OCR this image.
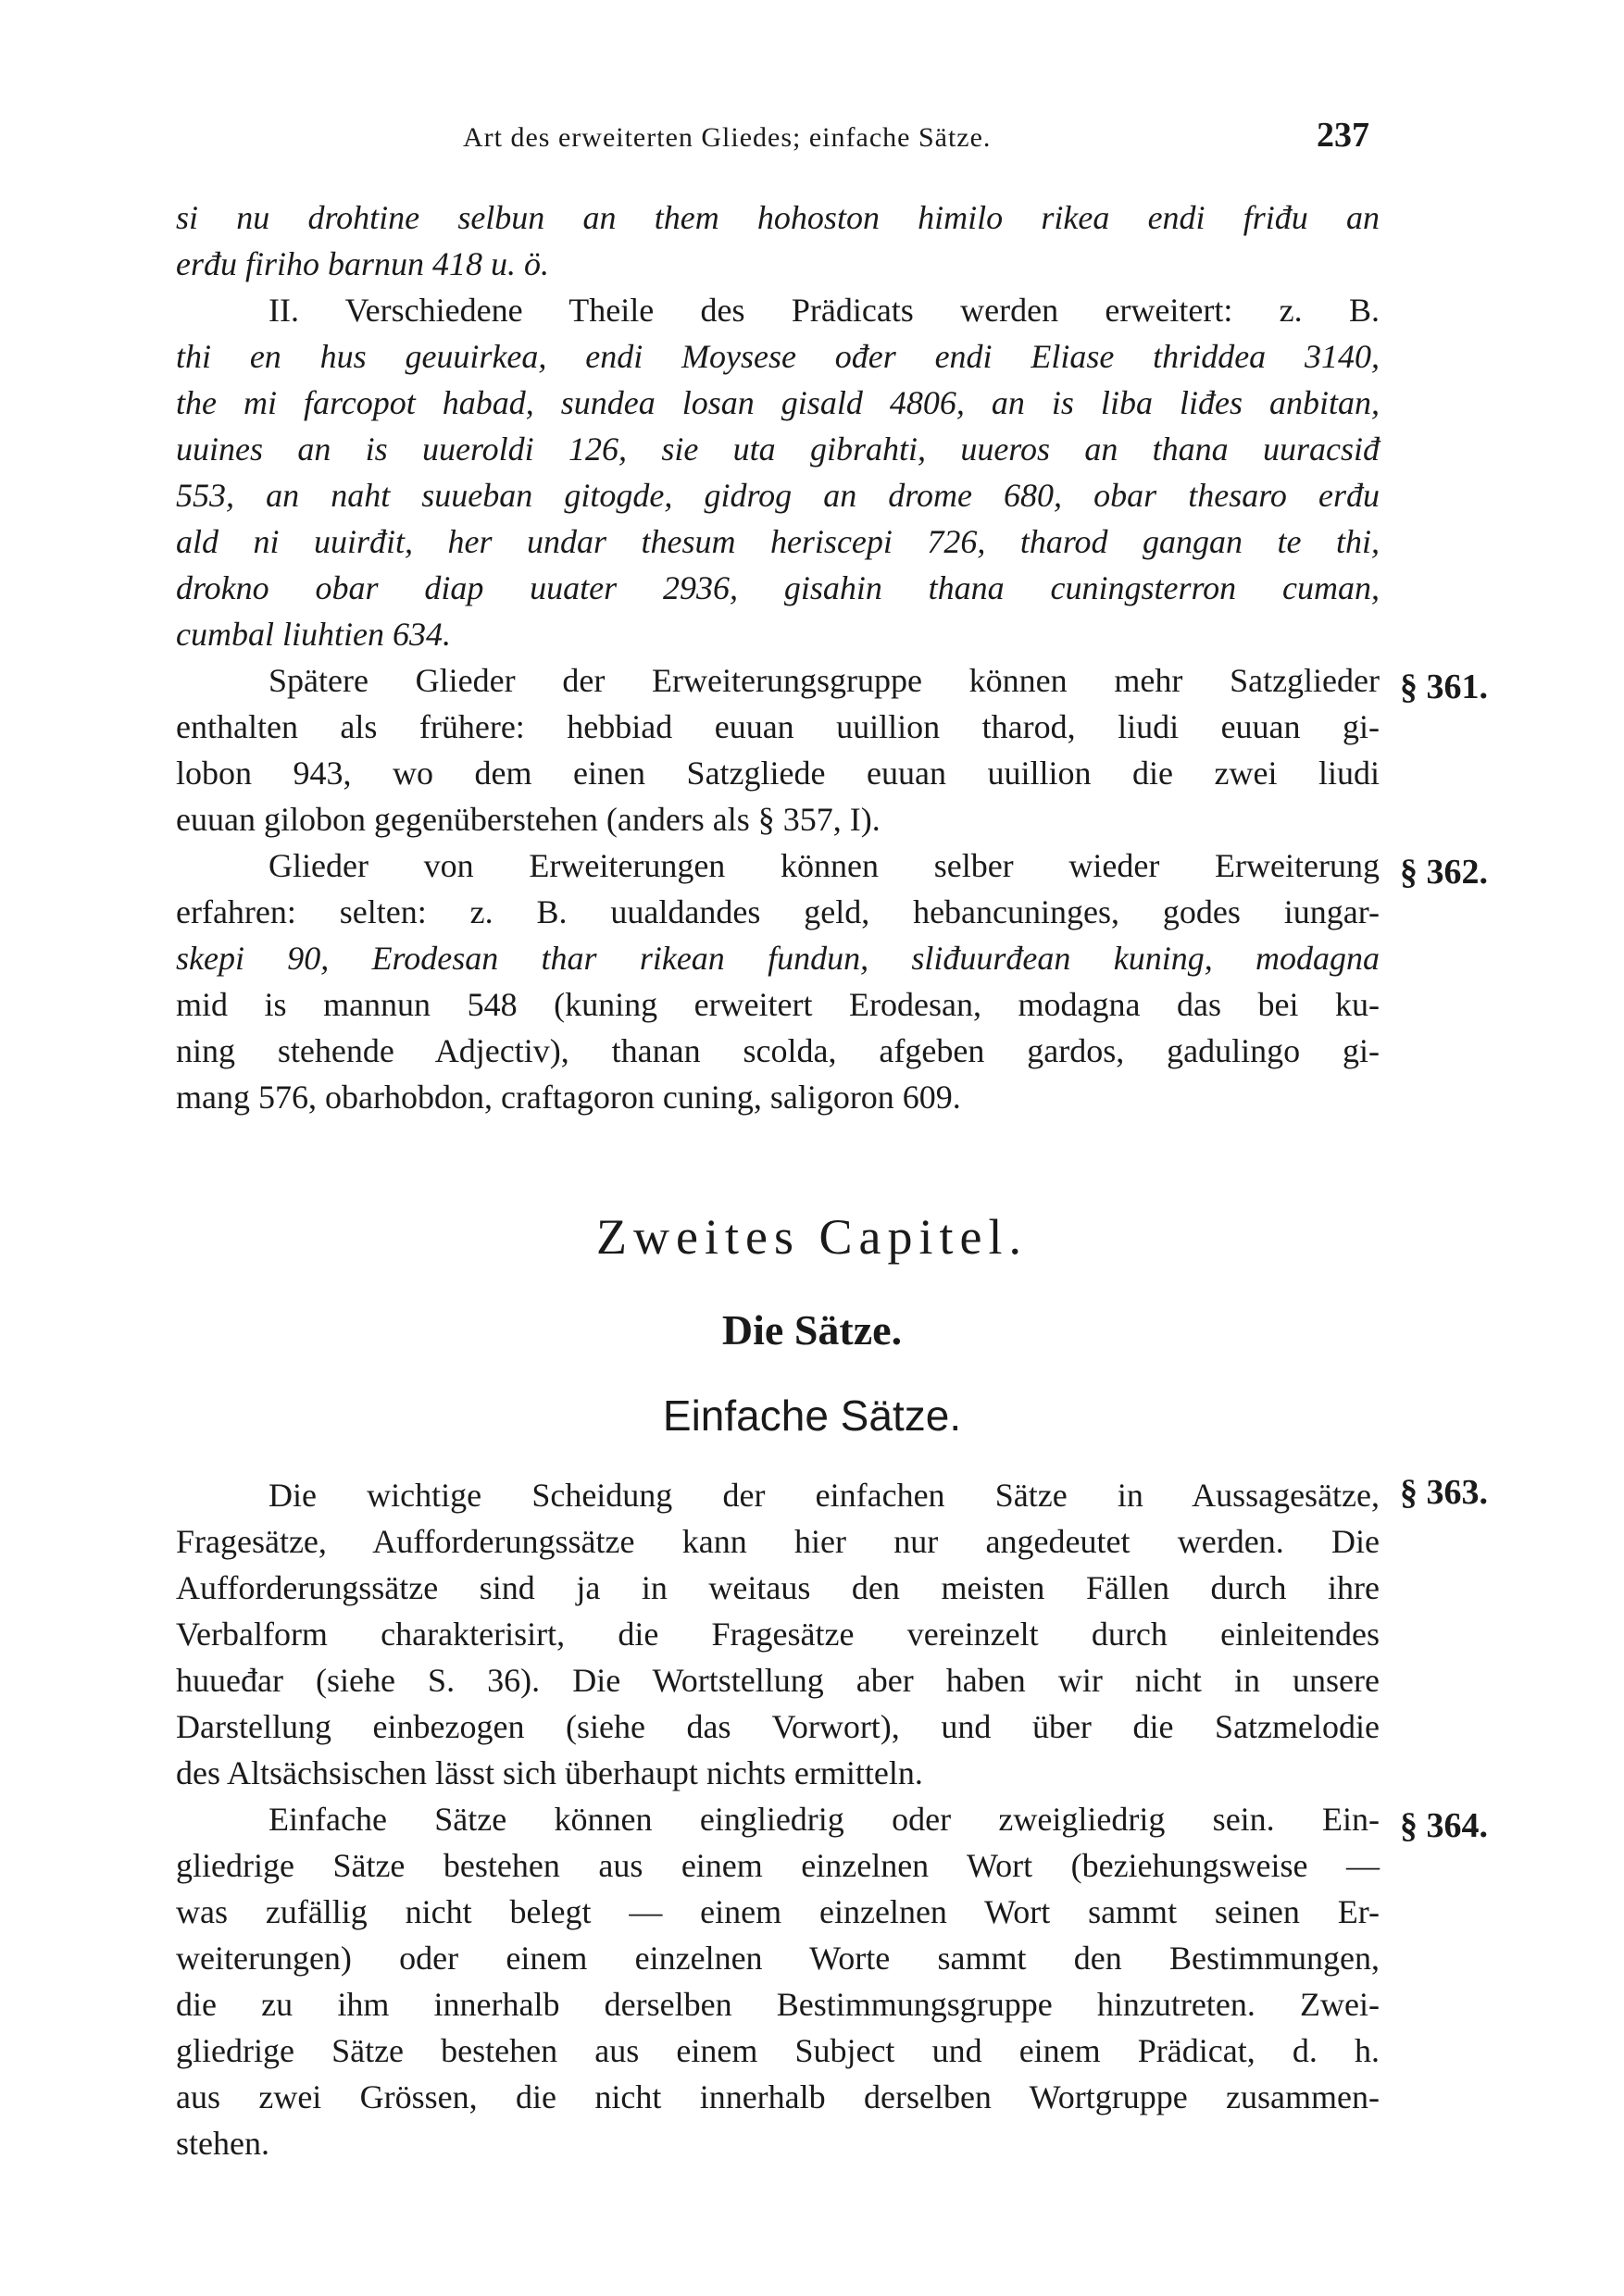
Art des erweiterten Gliedes; einfache Sätze.	237
si nu drohtine selbun an them hohoston himilo rikea endi friđu an
erđu firiho barnun 418 u. ö.
II. Verschiedene Theile des Prädicats werden erweitert: z. B.
thi en hus geuuirkea, endi Moysese ođer endi Eliase thriddea 3140,
the mi farcopot habad, sundea losan gisald 4806, an is liba liđes anbitan,
uuines an is uueroldi 126, sie uta gibrahti, uueros an thana uuracsiđ
553, an naht suueban gitogde, gidrog an drome 680, obar thesaro erđu
ald ni uuirđit, her undar thesum heriscepi 726, tharod gangan te thi,
drokno obar diap uuater 2936, gisahin thana cuningsterron cuman,
cumbal liuhtien 634.
§ 361.
Spätere Glieder der Erweiterungsgruppe können mehr Satzglieder
enthalten als frühere: hebbiad euuan uuillion tharod, liudi euuan gi-
lobon 943, wo dem einen Satzgliede euuan uuillion die zwei liudi
euuan gilobon gegenüberstehen (anders als § 357, I).
§ 362.
Glieder von Erweiterungen können selber wieder Erweiterung
erfahren: selten: z. B. uualdandes geld, hebancuninges, godes iungar-
skepi 90, Erodesan thar rikean fundun, sliđuurđean kuning, modagna
mid is mannun 548 (kuning erweitert Erodesan, modagna das bei ku-
ning stehende Adjectiv), thanan scolda, afgeben gardos, gadulingo gi-
mang 576, obarhobdon, craftagoron cuning, saligoron 609.
Zweites Capitel.
Die Sätze.
Einfache Sätze.
§ 363.
Die wichtige Scheidung der einfachen Sätze in Aussagesätze,
Fragesätze, Aufforderungssätze kann hier nur angedeutet werden. Die
Aufforderungssätze sind ja in weitaus den meisten Fällen durch ihre
Verbalform charakterisirt, die Fragesätze vereinzelt durch einleitendes
huueđar (siehe S. 36). Die Wortstellung aber haben wir nicht in unsere
Darstellung einbezogen (siehe das Vorwort), und über die Satzmelodie
des Altsächsischen lässt sich überhaupt nichts ermitteln.
§ 364.
Einfache Sätze können eingliedrig oder zweigliedrig sein. Ein-
gliedrige Sätze bestehen aus einem einzelnen Wort (beziehungsweise —
was zufällig nicht belegt — einem einzelnen Wort sammt seinen Er-
weiterungen) oder einem einzelnen Worte sammt den Bestimmungen,
die zu ihm innerhalb derselben Bestimmungsgruppe hinzutreten. Zwei-
gliedrige Sätze bestehen aus einem Subject und einem Prädicat, d. h.
aus zwei Grössen, die nicht innerhalb derselben Wortgruppe zusammen-
stehen.
